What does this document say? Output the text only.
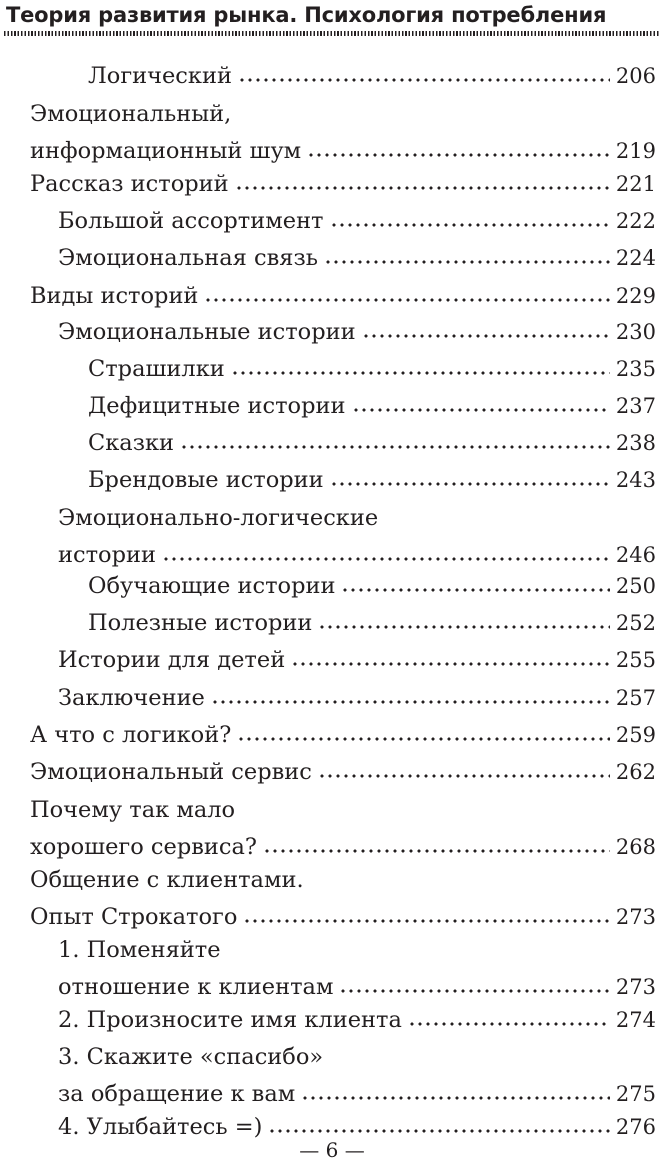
Теория развития рынка. Психология потребления
Логический	206
Эмоциональный,
информационный шум	219
Рассказ историй	221
Большой ассортимент	222
Эмоциональная связь	224
Виды историй	229
Эмоциональные истории	230
Страшилки	235
Дефицитные истории	237
Сказки	238
Брендовые истории	243
Эмоционально-логические
истории	246
Обучающие истории	250
Полезные истории	252
Истории для детей	255
Заключение	257
А что с логикой?	259
Эмоциональный сервис	262
Почему так мало
хорошего сервиса?	268
Общение с клиентами.
Опыт Строкатого	273
1. Поменяйте
отношение к клиентам	273
2. Произносите имя клиента	274
3. Скажите «спасибо»
за обращение к вам	275
4. Улыбайтесь =)	276
— 6 —
